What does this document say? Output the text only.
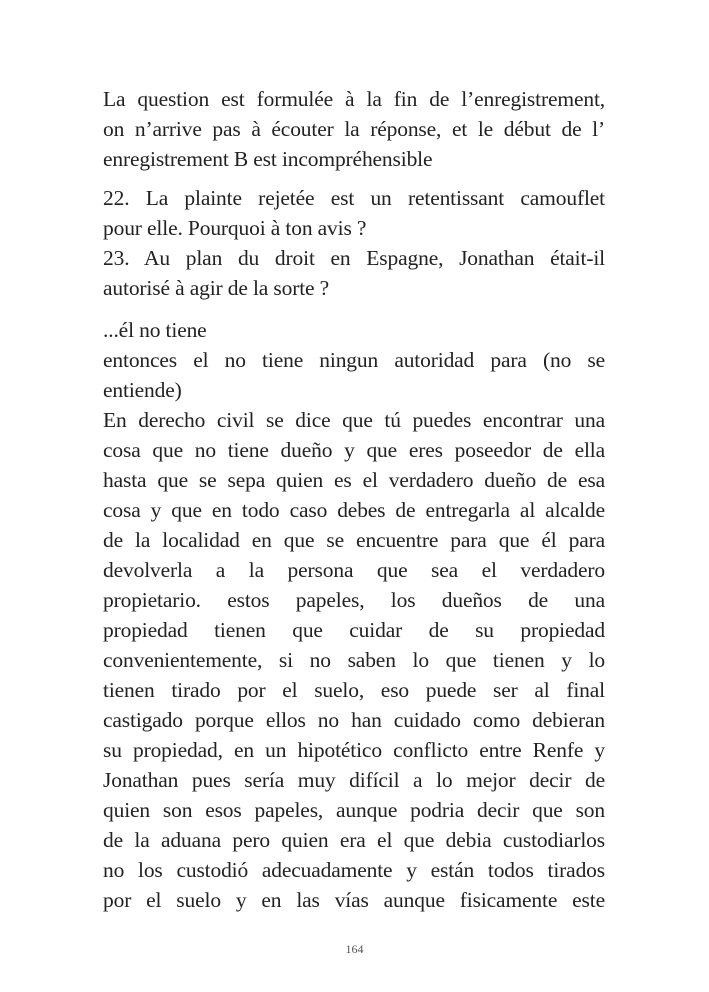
La question est formulée à la fin de l’enregistrement,
on n’arrive pas à écouter la réponse, et le début de l’
enregistrement B est incompréhensible

22. La plainte rejetée est un retentissant camouflet
pour elle. Pourquoi à ton avis ?

23. Au plan du droit en Espagne, Jonathan était-il
autorisé à agir de la sorte ?

...él no tiene

entonces el no tiene ningun autoridad para (no se
entiende)

En derecho civil se dice que tú puedes encontrar una
cosa que no tiene dueño y que eres poseedor de ella
hasta que se sepa quien es el verdadero dueño de esa
cosa y que en todo caso debes de entregarla al alcalde
de la localidad en que se encuentre para que él para
devolverla a la persona que sea el verdadero
propietario. estos papeles, los dueños de una
propiedad tienen que cuidar de su propiedad
convenientemente, si no saben lo que tienen y lo
tienen tirado por el suelo, eso puede ser al final
castigado porque ellos no han cuidado como debieran
su propiedad, en un hipotético conflicto entre Renfe y
Jonathan pues sería muy difícil a lo mejor decir de
quien son esos papeles, aunque podria decir que son
de la aduana pero quien era el que debia custodiarlos
no los custodió adecuadamente y están todos tirados
por el suelo y en las vías aunque fisicamente este

164
